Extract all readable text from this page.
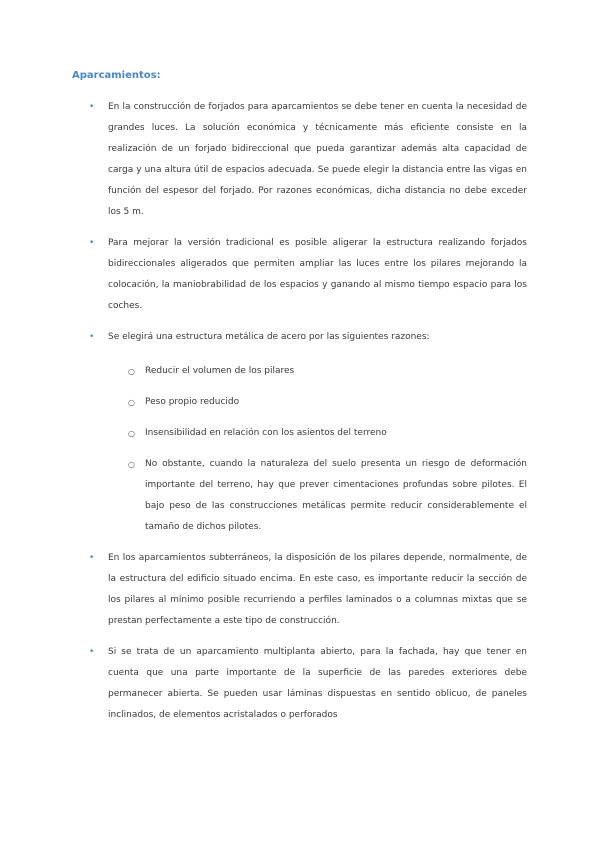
Aparcamientos:
• En la construcción de forjados para aparcamientos se debe tener en cuenta la necesidad de grandes luces. La solución económica y técnicamente más eficiente consiste en la realización de un forjado bidireccional que pueda garantizar además alta capacidad de carga y una altura útil de espacios adecuada. Se puede elegir la distancia entre las vigas en función del espesor del forjado. Por razones económicas, dicha distancia no debe exceder los 5 m.
• Para mejorar la versión tradicional es posible aligerar la estructura realizando forjados bidireccionales aligerados que permiten ampliar las luces entre los pilares mejorando la colocación, la maniobrabilidad de los espacios y ganando al mismo tiempo espacio para los coches.
• Se elegirá una estructura metálica de acero por las siguientes razones:
○ Reducir el volumen de los pilares
○ Peso propio reducido
○ Insensibilidad en relación con los asientos del terreno
○ No obstante, cuando la naturaleza del suelo presenta un riesgo de deformación importante del terreno, hay que prever cimentaciones profundas sobre pilotes. El bajo peso de las construcciones metálicas permite reducir considerablemente el tamaño de dichos pilotes.
• En los aparcamientos subterráneos, la disposición de los pilares depende, normalmente, de la estructura del edificio situado encima. En este caso, es importante reducir la sección de los pilares al mínimo posible recurriendo a perfiles laminados o a columnas mixtas que se prestan perfectamente a este tipo de construcción.
• Si se trata de un aparcamiento multiplanta abierto, para la fachada, hay que tener en cuenta que una parte importante de la superficie de las paredes exteriores debe permanecer abierta. Se pueden usar láminas dispuestas en sentido oblicuo, de paneles inclinados, de elementos acristalados o perforados
